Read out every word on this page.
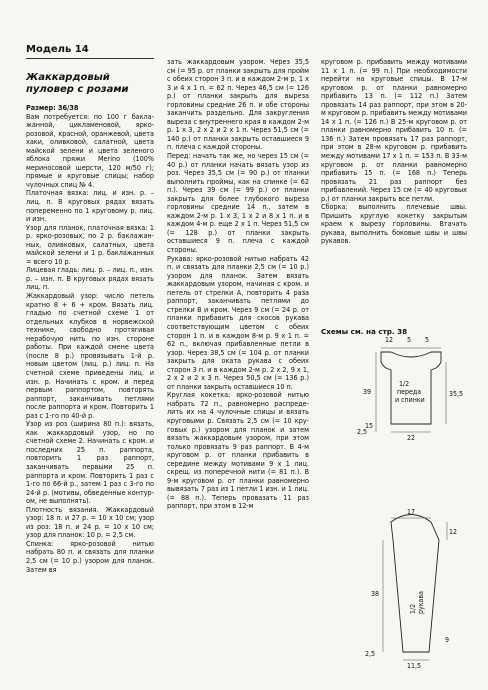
Модель 14
Жаккардовый пуловер с розами

Размер: 36/38

Вам потребуется: по 100 г баклажанной, цикламеновой, ярко-розовой, красной, оранжевой, цвета хаки, оливковой, салатной, цвета майской зелени и цвета зеленого яблока пряжи Merino (100% мериносовой шерсти, 120 м/50 г); прямые и круговые спицы; набор чулочных спиц № 4.

Платочная вязка: лиц. и изн. р. – лиц. п. В круговых рядах вязать попеременно по 1 круговому р. лиц. и изн.

Узор для планок, платочная вязка: 1 р. ярко-розовых, по 2 р. баклажанных, оливковых, салатных, цвета майской зелени и 1 р. баклажанных = всего 10 р.

Лицевая гладь: лиц. р. – лиц. п., изн. р. – изн. п. В круговых рядах вязать лиц. п.

Жаккардовый узор: число петель кратно 8 + 6 + кром. Вязать лиц. гладью по счетной схеме 1 от отдельных клубков в норвежской технике, свободно протягивая нерабочую нить по изн. стороне работы. При каждой смене цвета (после 8 р.) провязывать 1-й р. новым цветом (лиц. р.) лиц. п. На счетной схеме приведены лиц. и изн. р. Начинать с кром. и перед первым раппортом, повторять раппорт, заканчивать петлями после раппорта и кром. Повторить 1 раз с 1-го по 40-й р.

Узор из роз (ширина 80 п.): вязать, как жаккардовый узор, но по счетной схеме 2. Начинать с кром. и последних 25 п. раппорта, повторить 1 раз раппорт, заканчивать первыми 25 п. раппорта и кром. Повторить 1 раз с 1-го по 66-й р., затем 1 раз с 3-го по 24-й р. (мотивы, обведенные контуром, не выполнять).

Плотность вязания. Жаккардовый узор: 18 п. и 27 р. = 10 х 10 см; узор из роз: 18 п. и 24 р. = 10 х 10 см; узор для планок: 10 р. = 2,5 см.

Спинка: ярко-розовой нитью набрать 80 п. и связать для планки 2,5 см (= 10 р.) узором для планок. Затем вя

зать жаккардовым узором. Через 35,5 см (= 95 р. от планки закрыть для пройм с обеих сторон 3 п. и в каждом 2-м р. 1 х 3 и 4 х 1 п. = 62 п. Через 46,5 см (= 126 р.) от планки закрыть для выреза горловины средние 26 п. и обе стороны заканчить раздельно. Для закругления выреза с внутреннего края в каждом 2-м р. 1 х 3, 2 х 2 и 2 х 1 п. Через 51,5 см (= 140 р.) от планки закрыть оставшиеся 9 п. плеча с каждой стороны.

Перед: начать так же, но через 15 см (= 40 р.) от планки начать вязать узор из роз. Через 35,5 см (= 90 р.) от планки выполнить проймы, как на спинке (= 62 п.). Через 39 см (= 99 р.) от планки закрыть для более глубокого выреза горловины средние 14 п., затем в каждом 2-м р. 1 х 3, 1 х 2 и 8 х 1 п. и в каждом 4-м р. еще 2 х 1 п. Через 51,5 см (= 128 р.) от планки закрыть оставшиеся 9 п. плеча с каждой стороны.

Рукава: ярко-розовой нитью набрать 42 п. и связать для планки 2,5 см (= 10 р.) узором для планок. Затем вязать жаккардовым узором, начиная с кром. и петель от стрелки А, повторить 4 раза раппорт, заканчивать петлями до стрелки В и кром. Через 9 см (= 24 р. от планки прибавить для скосов рукава соответствующим цветом с обеих сторон 1 п. и в каждом 8-м р. 9 х 1 п. = 62 п., включая прибавленные петли в узор. Через 38,5 см (= 104 р. от планки закрыть для оката рукава с обеих сторон 3 п. и в каждом 2-м р. 2 х 2, 9 х 1, 2 х 2 и 2 х 3 п. Через 50,5 см (= 136 р.) от планки закрыть оставшиеся 10 п.

Круглая кокетка: ярко-розовой нитью набрать 72 п., равномерно распределить их на 4 чулочные спицы и вязать круговыми р. Связать 2,5 см (= 10 круговых р.) узором для планок и затем вязать жаккардовым узором, при этом только провязать 9 раз раппорт. В 4-м круговом р. от планки прибавить в середине между мотивами 9 х 1 лиц. скрещ. из поперечной нити (= 81 п.). В 9-м круговом р. от планки равномерно вывязать 7 раз из 1 петли 1 изн. и 1 лиц. (= 88 п.). Теперь провазать 11 раз раппорт, при этом в 12-м

круговом р. прибавить между мотивами 11 х 1 п. (= 99 п.) При необходимости перейти на круговые спицы. В 17-м круговом р. от планки равномерно прибавить 13 п. (= 112 п.) Затем провязать 14 раз раппорт, при этом в 20-м круговом р. прибавить между мотивами 14 х 1 п. (= 126 п.) В 25-м круговом р. от планки равномерно прибавить 10 п. (= 136 п.) Затем провязать 17 раз раппорт, при этом в 28-м круговом р. прибавить между мотивами 17 х 1 п. = 153 п. В 33-м круговом р. от планки равномерно прибавить 15 п. (= 168 п.) Теперь провязать 21 раз раппорт без прибавлений. Через 15 см (= 40 круговых р.) от планки закрыть все петли.

Сборка: выполнить плечевые швы. Пришить круглую кокетку закрытым краем к вырезу горловины. Втачать рукава, выполнить боковые швы и швы рукавов.

Схемы см. на стр. 38
12 5 5
39	35,5
2,5
22
15
1/2
переда
и спинки
17
12
38
9
2,5
11,5
1/2 рукава
